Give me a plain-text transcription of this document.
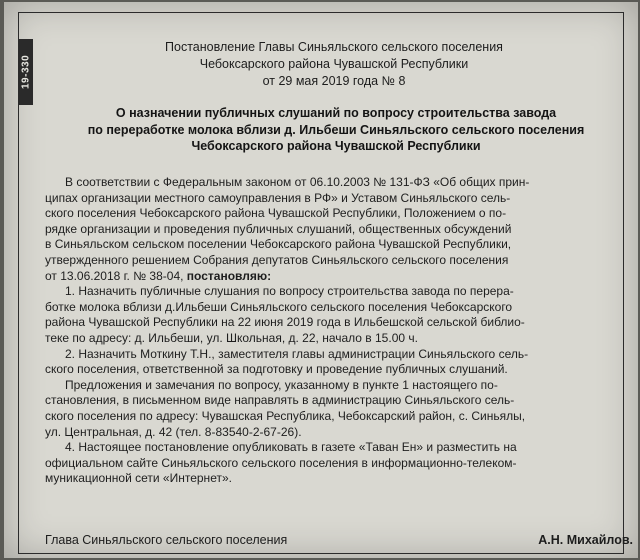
19-330
Постановление Главы Синьяльского сельского поселения
Чебоксарского района Чувашской Республики
от 29 мая 2019 года № 8
О назначении публичных слушаний по вопросу строительства завода
по переработке молока вблизи д. Ильбеши Синьяльского сельского поселения
Чебоксарского района Чувашской Республики

В соответствии с Федеральным законом от 06.10.2003 № 131-ФЗ «Об общих прин-
ципах организации местного самоуправления в РФ» и Уставом Синьяльского сель-
ского поселения Чебоксарского района Чувашской Республики, Положением о по-
рядке организации и проведения публичных слушаний, общественных обсуждений
в Синьяльском сельском поселении Чебоксарского района Чувашской Республики,
утвержденного решением Собрания депутатов Синьяльского сельского поселения
от 13.06.2018 г. № 38-04, постановляю:

1. Назначить публичные слушания по вопросу строительства завода по перера-
ботке молока вблизи д.Ильбеши Синьяльского сельского поселения Чебоксарского
района Чувашской Республики на 22 июня 2019 года в Ильбешской сельской библио-
теке по адресу: д. Ильбеши, ул. Школьная, д. 22, начало в 15.00 ч.

2. Назначить Моткину Т.Н., заместителя главы администрации Синьяльского сель-
ского поселения, ответственной за подготовку и проведение публичных слушаний.

Предложения и замечания по вопросу, указанному в пункте 1 настоящего по-
становления, в письменном виде направлять в администрацию Синьяльского сель-
ского поселения по адресу: Чувашская Республика, Чебоксарский район, с. Синьялы,
ул. Центральная, д. 42 (тел. 8-83540-2-67-26).

4. Настоящее постановление опубликовать в газете «Таван Ен» и разместить на
официальном сайте Синьяльского сельского поселения в информационно-телеком-
муникационной сети «Интернет».

Глава Синьяльского сельского поселения	А.Н. Михайлов.
